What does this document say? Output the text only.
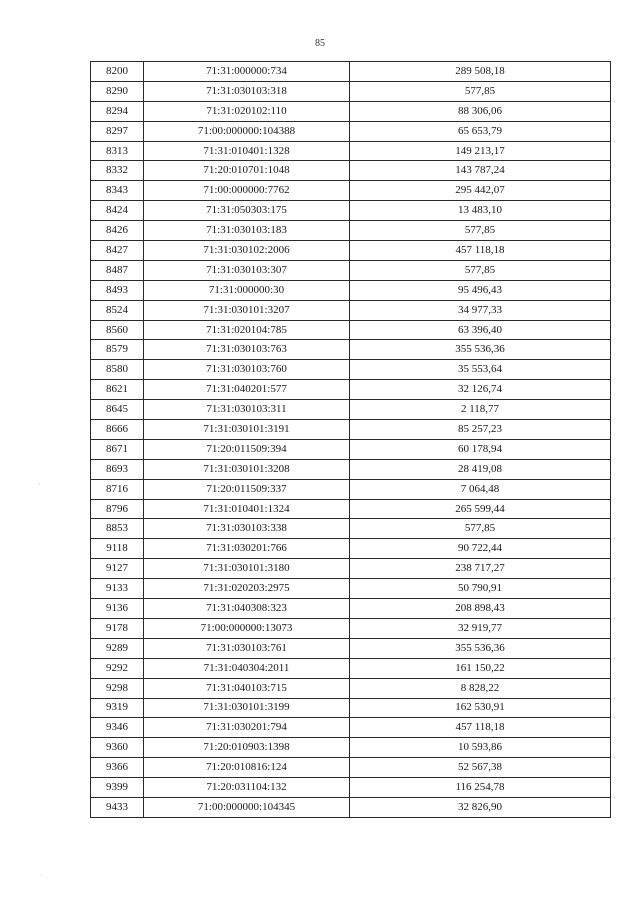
85
8200	71:31:000000:734	289 508,18
8290	71:31:030103:318	577,85
8294	71:31:020102:110	88 306,06
8297	71:00:000000:104388	65 653,79
8313	71:31:010401:1328	149 213,17
8332	71:20:010701:1048	143 787,24
8343	71:00:000000:7762	295 442,07
8424	71:31:050303:175	13 483,10
8426	71:31:030103:183	577,85
8427	71:31:030102:2006	457 118,18
8487	71:31:030103:307	577,85
8493	71:31:000000:30	95 496,43
8524	71:31:030101:3207	34 977,33
8560	71:31:020104:785	63 396,40
8579	71:31:030103:763	355 536,36
8580	71:31:030103:760	35 553,64
8621	71:31:040201:577	32 126,74
8645	71:31:030103:311	2 118,77
8666	71:31:030101:3191	85 257,23
8671	71:20:011509:394	60 178,94
8693	71:31:030101:3208	28 419,08
8716	71:20:011509:337	7 064,48
8796	71:31:010401:1324	265 599,44
8853	71:31:030103:338	577,85
9118	71:31:030201:766	90 722,44
9127	71:31:030101:3180	238 717,27
9133	71:31:020203:2975	50 790,91
9136	71:31:040308:323	208 898,43
9178	71:00:000000:13073	32 919,77
9289	71:31:030103:761	355 536,36
9292	71:31:040304:2011	161 150,22
9298	71:31:040103:715	8 828,22
9319	71:31:030101:3199	162 530,91
9346	71:31:030201:794	457 118,18
9360	71:20:010903:1398	10 593,86
9366	71:20:010816:124	52 567,38
9399	71:20:031104:132	116 254,78
9433	71:00:000000:104345	32 826,90
·
·
